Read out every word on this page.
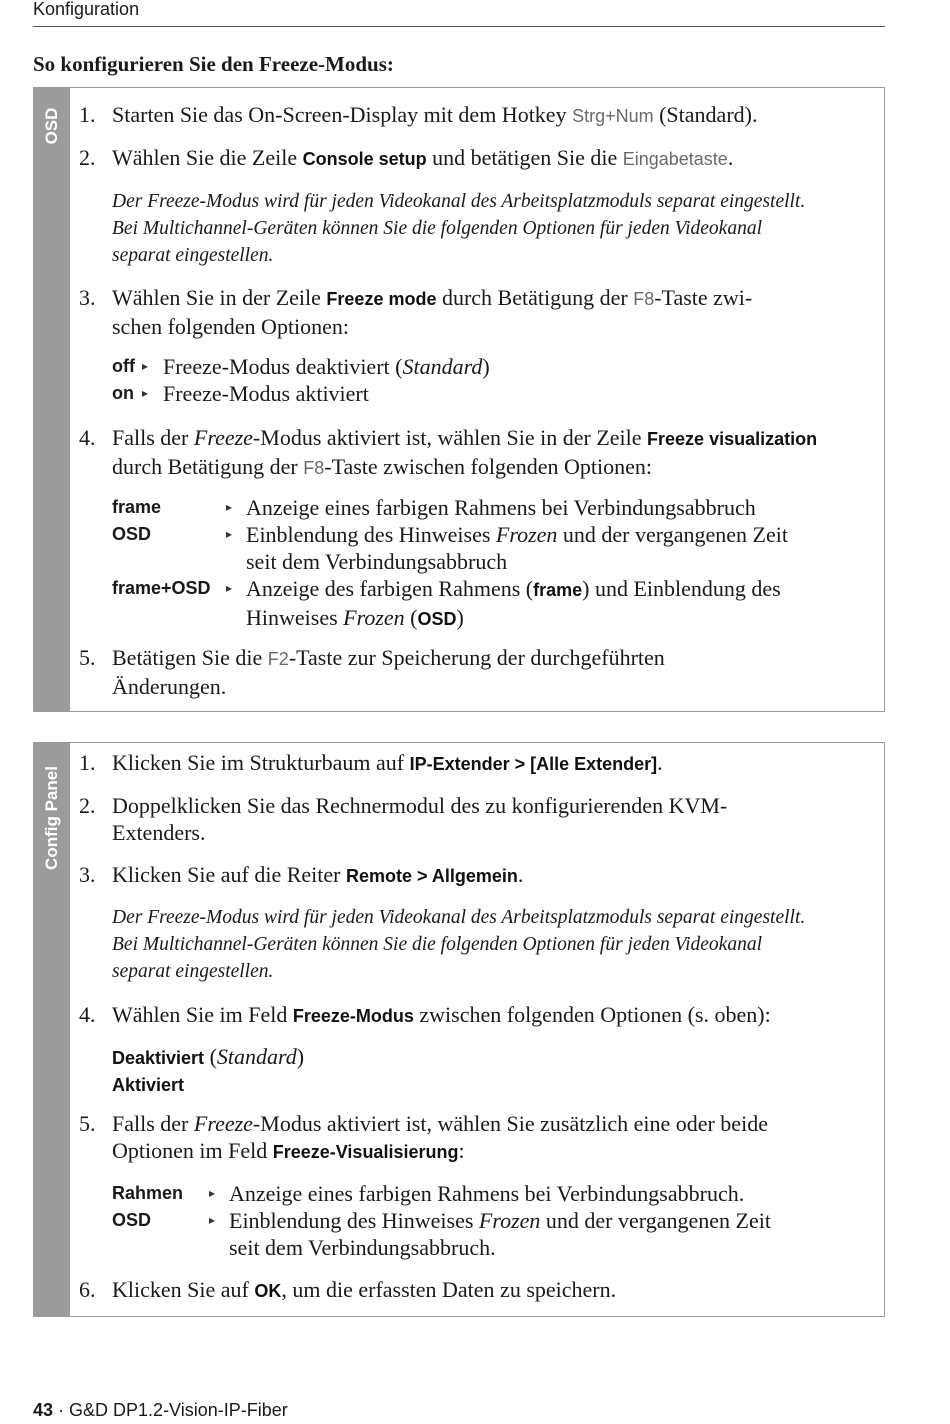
Konfiguration
So konfigurieren Sie den Freeze-Modus:
OSD 1. Starten Sie das On-Screen-Display mit dem Hotkey Strg+Num (Standard).
2. Wählen Sie die Zeile Console setup und betätigen Sie die Eingabetaste.
Der Freeze-Modus wird für jeden Videokanal des Arbeitsplatzmoduls separat eingestellt.
Bei Multichannel-Geräten können Sie die folgenden Optionen für jeden Videokanal
separat eingestellen.
3. Wählen Sie in der Zeile Freeze mode durch Betätigung der F8-Taste zwi-
schen folgenden Optionen:
off ▸ Freeze-Modus deaktiviert (Standard)
on ▸ Freeze-Modus aktiviert
4. Falls der Freeze-Modus aktiviert ist, wählen Sie in der Zeile Freeze visualization
durch Betätigung der F8-Taste zwischen folgenden Optionen:
frame	▸ Anzeige eines farbigen Rahmens bei Verbindungsabbruch
OSD	▸ Einblendung des Hinweises Frozen und der vergangenen Zeit
seit dem Verbindungsabbruch
frame+OSD ▸ Anzeige des farbigen Rahmens (frame) und Einblendung des
Hinweises Frozen (OSD)
5. Betätigen Sie die F2-Taste zur Speicherung der durchgeführten
Änderungen.
Config Panel
1. Klicken Sie im Strukturbaum auf IP-Extender > [Alle Extender].
2. Doppelklicken Sie das Rechnermodul des zu konfigurierenden KVM-
Extenders.
3. Klicken Sie auf die Reiter Remote > Allgemein.
Der Freeze-Modus wird für jeden Videokanal des Arbeitsplatzmoduls separat eingestellt.
Bei Multichannel-Geräten können Sie die folgenden Optionen für jeden Videokanal
separat eingestellen.
4. Wählen Sie im Feld Freeze-Modus zwischen folgenden Optionen (s. oben):
Deaktiviert (Standard)
Aktiviert
5. Falls der Freeze-Modus aktiviert ist, wählen Sie zusätzlich eine oder beide
Optionen im Feld Freeze-Visualisierung:
Rahmen ▸ Anzeige eines farbigen Rahmens bei Verbindungsabbruch.
OSD	▸ Einblendung des Hinweises Frozen und der vergangenen Zeit
seit dem Verbindungsabbruch.
6. Klicken Sie auf OK, um die erfassten Daten zu speichern.
43 · G&D DP1.2-Vision-IP-Fiber
